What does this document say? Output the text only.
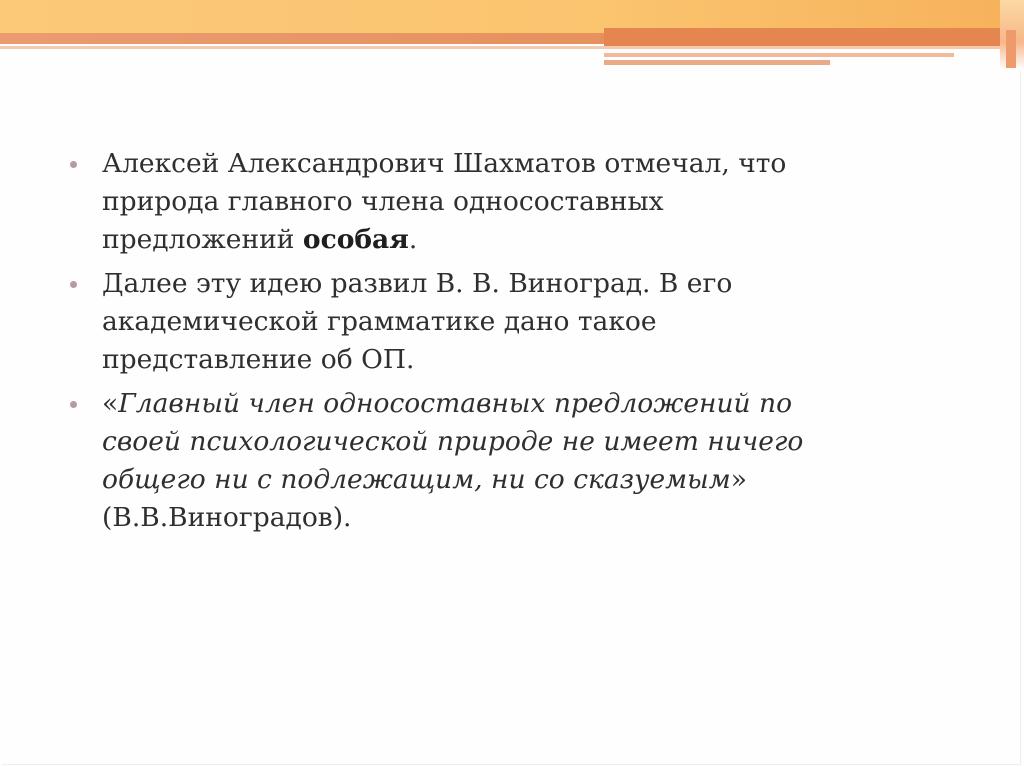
Алексей Александрович Шахматов отмечал, что
природа главного члена односоставных
предложений особая.
Далее эту идею развил В. В. Виноград. В его
академической грамматике дано такое
представление об ОП.
«Главный член односоставных предложений по
своей психологической природе не имеет ничего
общего ни с подлежащим, ни со сказуемым»
(В.В.Виноградов).
